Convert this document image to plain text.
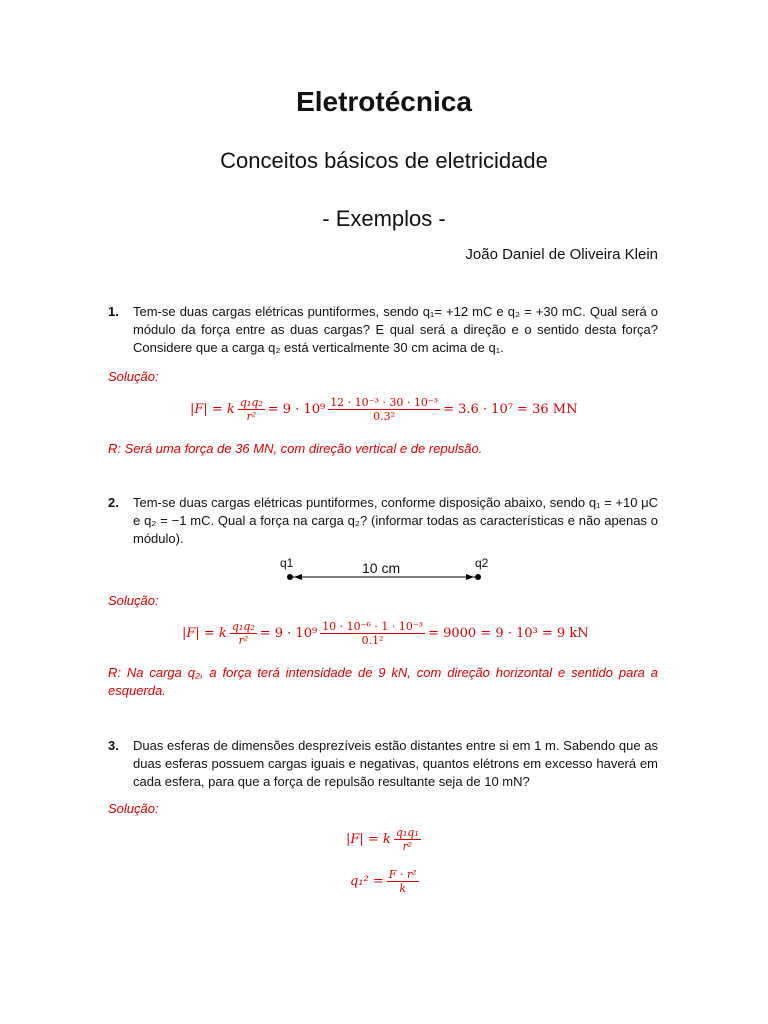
Eletrotécnica
Conceitos básicos de eletricidade
- Exemplos -
João Daniel de Oliveira Klein
1. Tem-se duas cargas elétricas puntiformes, sendo q₁= +12 mC e q₂ = +30 mC. Qual será o módulo da força entre as duas cargas? E qual será a direção e o sentido desta força? Considere que a carga q₂ está verticalmente 30 cm acima de q₁.
Solução:
|F| = k $\frac{\text{q₁q₂}}{\text{r²}} = 9 \cdot 10^9 \frac{\text{12 · 10⁻³ · 30 · 10⁻³}}{\text{0.3²}} = 3.6 \cdot 10^7 = 36$ MN
R: Será uma força de 36 MN, com direção vertical e de repulsão.
2. Tem-se duas cargas elétricas puntiformes, conforme disposição abaixo, sendo q₁ = +10 μC e q₂ = −1 mC. Qual a força na carga q₂? (informar todas as características e não apenas o módulo).
q1	10 cm	q2
Solução:
|F| = k $\frac{\text{q₁q₂}}{\text{r²}} = 9 \cdot 10^9 \frac{\text{10 · 10⁻⁶ · 1 · 10⁻³}}{\text{0.1²}} = 9000 = 9 \cdot 10^3 = 9$ kN
R: Na carga q₂, a força terá intensidade de 9 kN, com direção horizontal e sentido para a esquerda.
3. Duas esferas de dimensões desprezíveis estão distantes entre si em 1 m. Sabendo que as duas esferas possuem cargas iguais e negativas, quantos elétrons em excesso haverá em cada esfera, para que a força de repulsão resultante seja de 10 mN?
Solução:
|F| = k $\frac{\text{q₁q₁}}{\text{r²}}$
$q_1^2 = \frac{\text{F · r²}}{k}$
